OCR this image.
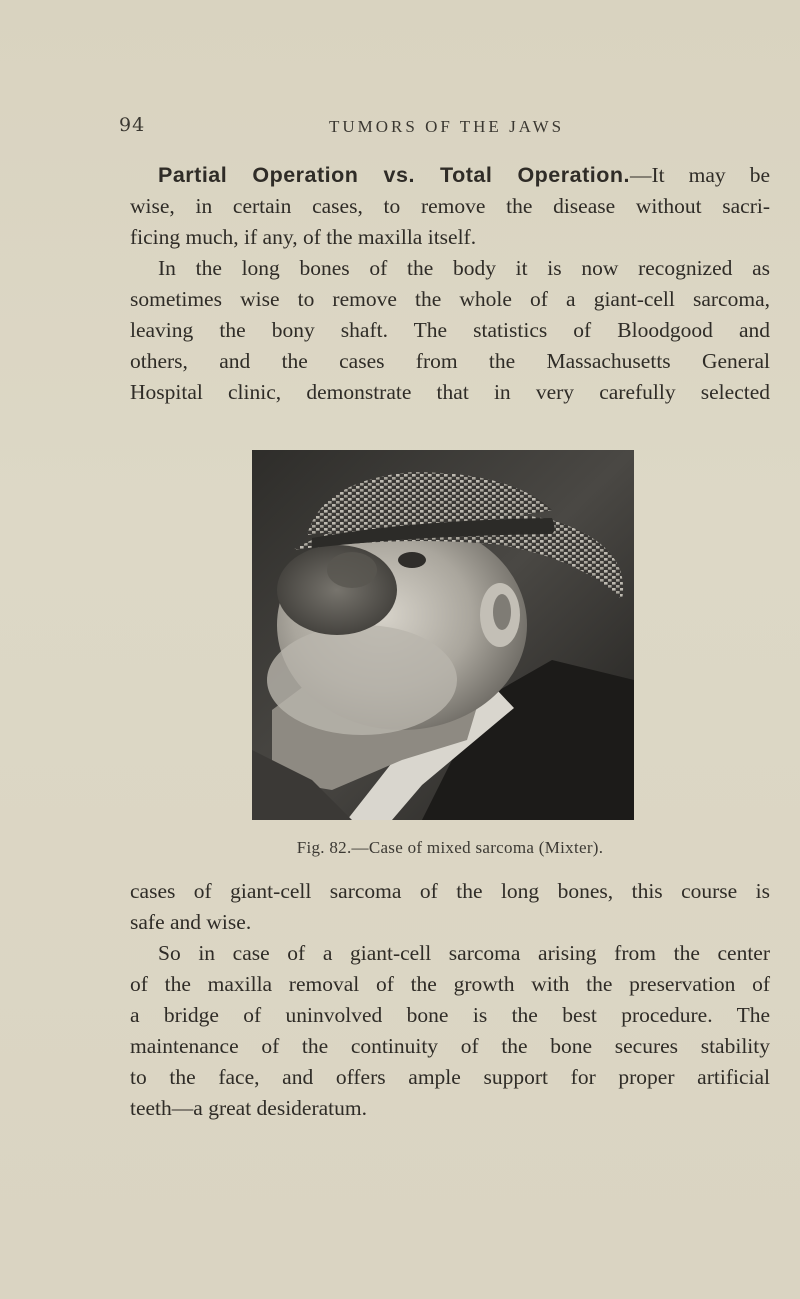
94	TUMORS OF THE JAWS
Partial Operation vs. Total Operation.—It may be
wise, in certain cases, to remove the disease without sacri-
ficing much, if any, of the maxilla itself.
In the long bones of the body it is now recognized as
sometimes wise to remove the whole of a giant-cell sarcoma,
leaving the bony shaft. The statistics of Bloodgood and
others, and the cases from the Massachusetts General
Hospital clinic, demonstrate that in very carefully selected
Fig. 82.—Case of mixed sarcoma (Mixter).
cases of giant-cell sarcoma of the long bones, this course is
safe and wise.
So in case of a giant-cell sarcoma arising from the center
of the maxilla removal of the growth with the preservation of
a bridge of uninvolved bone is the best procedure. The
maintenance of the continuity of the bone secures stability
to the face, and offers ample support for proper artificial
teeth—a great desideratum.
